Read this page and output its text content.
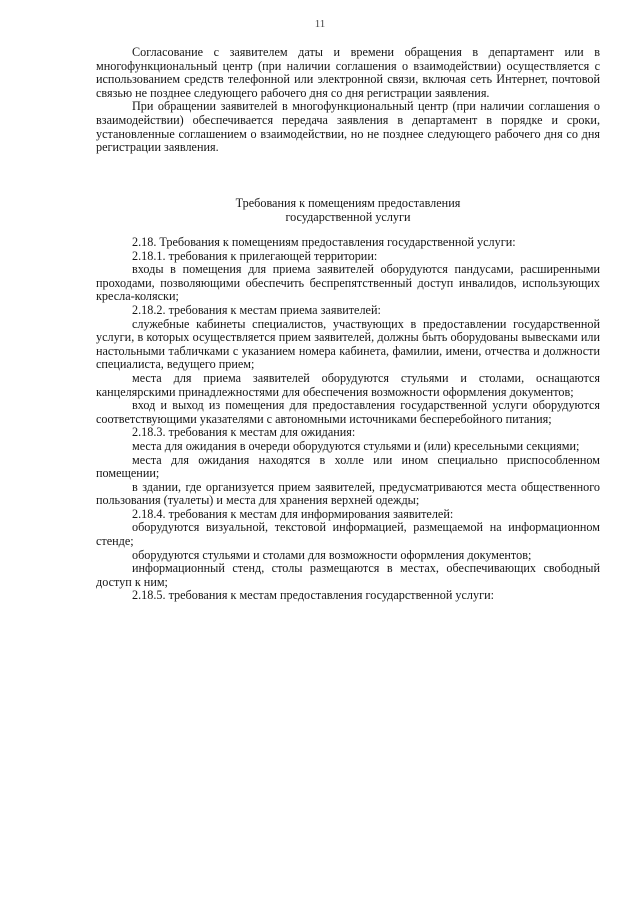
11

Согласование с заявителем даты и времени обращения в департамент или в многофункциональный центр (при наличии соглашения о взаимодействии) осуществляется с использованием средств телефонной или электронной связи, включая сеть Интернет, почтовой связью не позднее следующего рабочего дня со дня регистрации заявления.

При обращении заявителей в многофункциональный центр (при наличии соглашения о взаимодействии) обеспечивается передача заявления в департамент в порядке и сроки, установленные соглашением о взаимодействии, но не позднее следующего рабочего дня со дня регистрации заявления.

Требования к помещениям предоставления
государственной услуги

2.18. Требования к помещениям предоставления государственной услуги:

2.18.1. требования к прилегающей территории:

входы в помещения для приема заявителей оборудуются пандусами, расширенными проходами, позволяющими обеспечить беспрепятственный доступ инвалидов, использующих кресла-коляски;

2.18.2. требования к местам приема заявителей:

служебные кабинеты специалистов, участвующих в предоставлении государственной услуги, в которых осуществляется прием заявителей, должны быть оборудованы вывесками или настольными табличками с указанием номера кабинета, фамилии, имени, отчества и должности специалиста, ведущего прием;

места для приема заявителей оборудуются стульями и столами, оснащаются канцелярскими принадлежностями для обеспечения возможности оформления документов;

вход и выход из помещения для предоставления государственной услуги оборудуются соответствующими указателями с автономными источниками бесперебойного питания;

2.18.3. требования к местам для ожидания:

места для ожидания в очереди оборудуются стульями и (или) кресельными секциями;

места для ожидания находятся в холле или ином специально приспособленном помещении;

в здании, где организуется прием заявителей, предусматриваются места общественного пользования (туалеты) и места для хранения верхней одежды;

2.18.4. требования к местам для информирования заявителей:

оборудуются визуальной, текстовой информацией, размещаемой на информационном стенде;

оборудуются стульями и столами для возможности оформления документов;

информационный стенд, столы размещаются в местах, обеспечивающих свободный доступ к ним;

2.18.5. требования к местам предоставления государственной услуги:
